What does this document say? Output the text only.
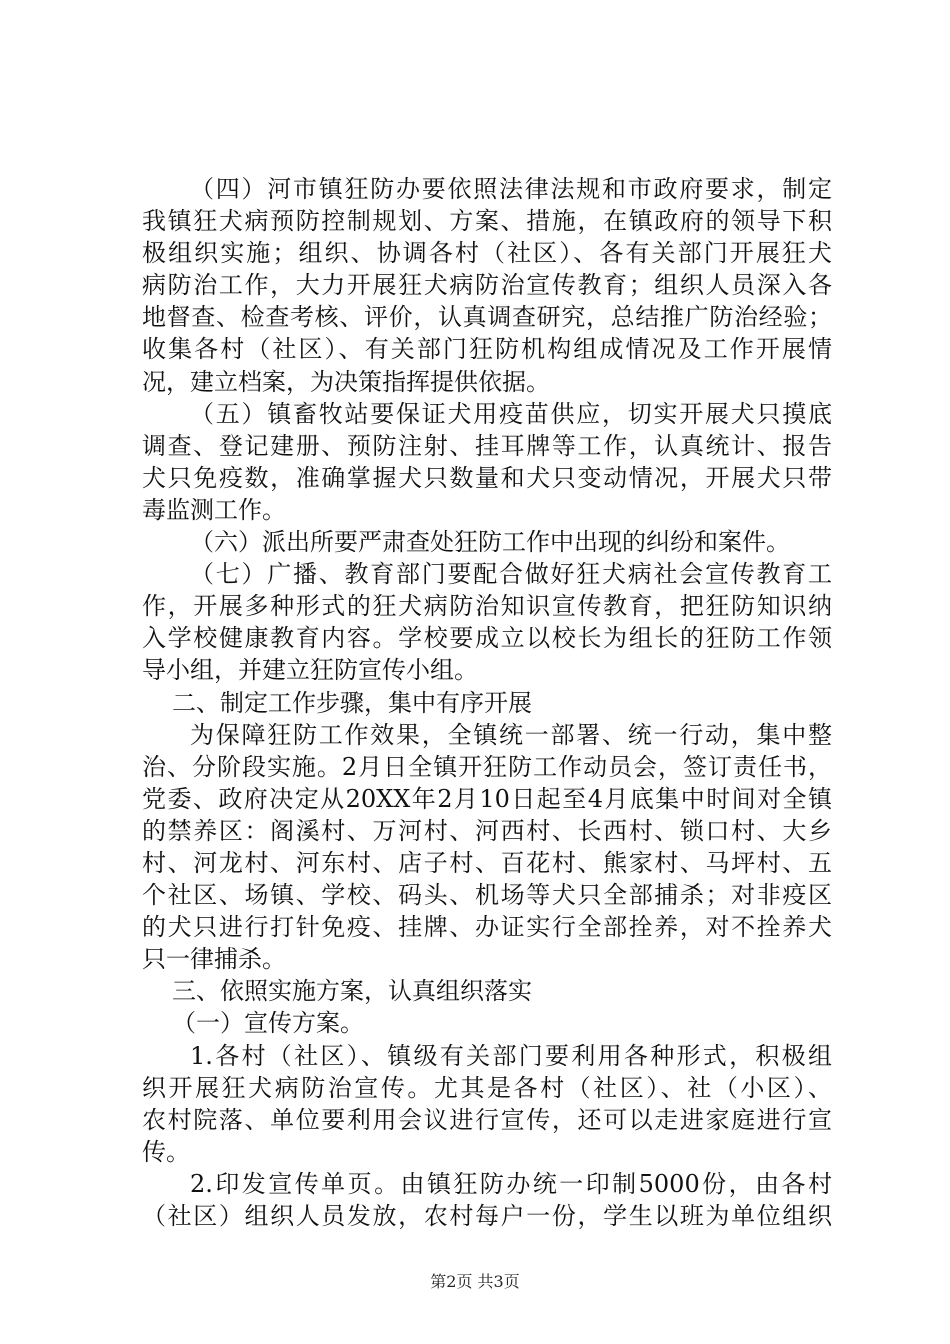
（四）河市镇狂防办要依照法律法规和市政府要求，制定
我镇狂犬病预防控制规划、方案、措施，在镇政府的领导下积
极组织实施；组织、协调各村（社区）、各有关部门开展狂犬
病防治工作，大力开展狂犬病防治宣传教育；组织人员深入各
地督查、检查考核、评价，认真调查研究，总结推广防治经验；
收集各村（社区）、有关部门狂防机构组成情况及工作开展情
况，建立档案，为决策指挥提供依据。
（五）镇畜牧站要保证犬用疫苗供应，切实开展犬只摸底
调查、登记建册、预防注射、挂耳牌等工作，认真统计、报告
犬只免疫数，准确掌握犬只数量和犬只变动情况，开展犬只带
毒监测工作。
（六）派出所要严肃查处狂防工作中出现的纠纷和案件。
（七）广播、教育部门要配合做好狂犬病社会宣传教育工
作，开展多种形式的狂犬病防治知识宣传教育，把狂防知识纳
入学校健康教育内容。学校要成立以校长为组长的狂防工作领
导小组，并建立狂防宣传小组。
二、制定工作步骤，集中有序开展
为保障狂防工作效果，全镇统一部署、统一行动，集中整
治、分阶段实施。2月日全镇开狂防工作动员会，签订责任书，
党委、政府决定从20XX年2月10日起至4月底集中时间对全镇
的禁养区：阁溪村、万河村、河西村、长西村、锁口村、大乡
村、河龙村、河东村、店子村、百花村、熊家村、马坪村、五
个社区、场镇、学校、码头、机场等犬只全部捕杀；对非疫区
的犬只进行打针免疫、挂牌、办证实行全部拴养，对不拴养犬
只一律捕杀。
三、依照实施方案，认真组织落实
（一）宣传方案。
1.各村（社区）、镇级有关部门要利用各种形式，积极组
织开展狂犬病防治宣传。尤其是各村（社区）、社（小区）、
农村院落、单位要利用会议进行宣传，还可以走进家庭进行宣
传。
2.印发宣传单页。由镇狂防办统一印制5000份，由各村
（社区）组织人员发放，农村每户一份，学生以班为单位组织
第2页 共3页
